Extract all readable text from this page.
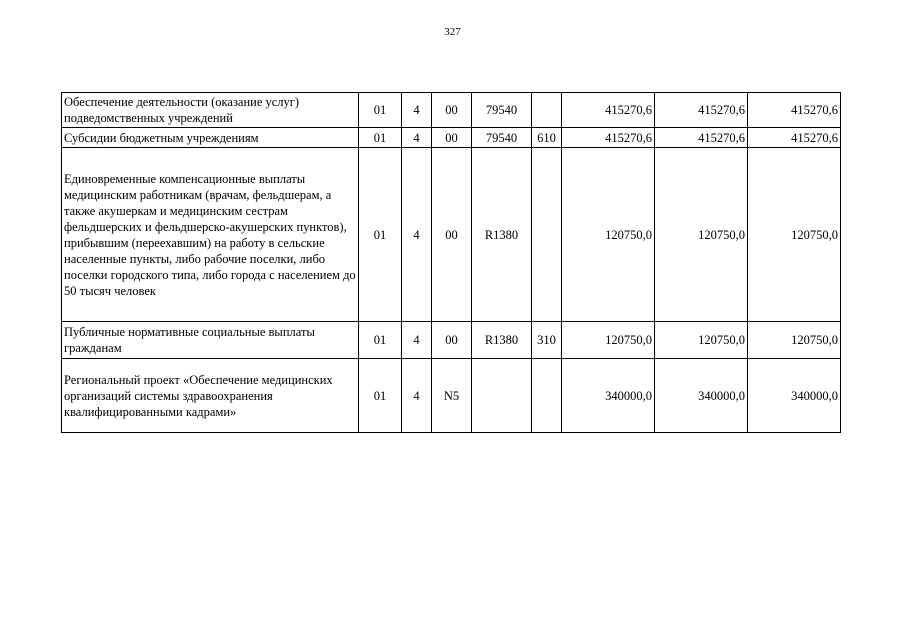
327
Обеспечение деятельности (оказание услуг) подведомственных учреждений	01	4	00	79540		415270,6	415270,6	415270,6
Субсидии бюджетным учреждениям	01	4	00	79540	610	415270,6	415270,6	415270,6
Единовременные компенсационные выплаты медицинским работникам (врачам, фельдшерам, а также акушеркам и медицинским сестрам фельдшерских и фельдшерско-акушерских пунктов), прибывшим (переехавшим) на работу в сельские населенные пункты, либо рабочие поселки, либо поселки городского типа, либо города с населением до 50 тысяч человек	01	4	00	R1380		120750,0	120750,0	120750,0
Публичные нормативные социальные выплаты гражданам	01	4	00	R1380	310	120750,0	120750,0	120750,0
Региональный проект «Обеспечение медицинских организаций системы здравоохранения квалифицированными кадрами»	01	4	N5			340000,0	340000,0	340000,0
